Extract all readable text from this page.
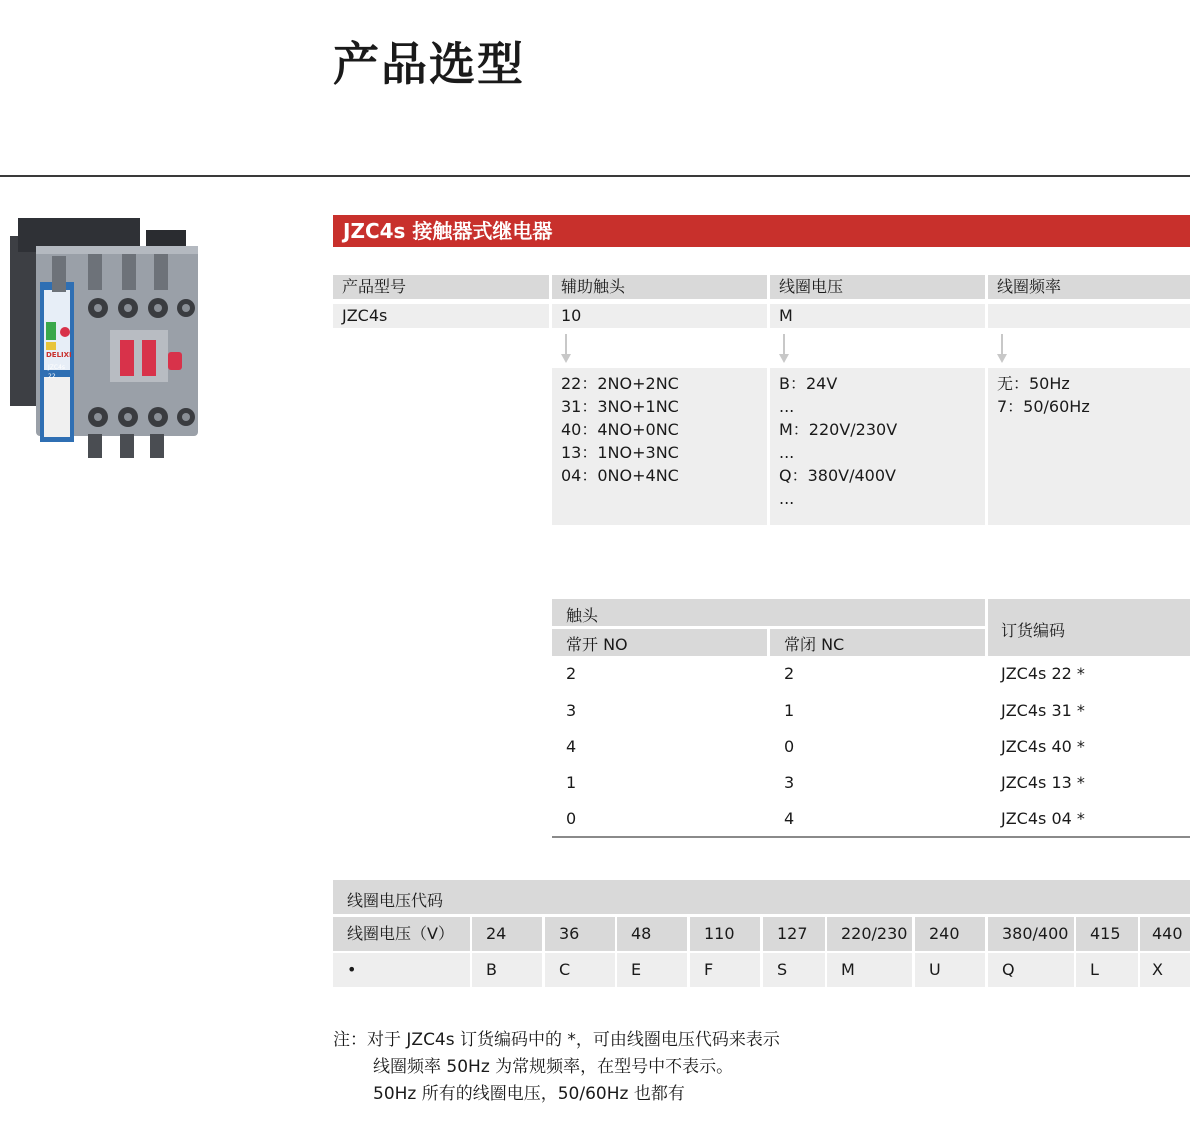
产品选型
DELIXI
JZC4s
22
JZC4s 接触器式继电器
产品型号	辅助触头	线圈电压	线圈频率
JZC4s	10	M
22：2NO+2NC
31：3NO+1NC
40：4NO+0NC
13：1NO+3NC
04：0NO+4NC
B：24V
...
M：220V/230V
...
Q：380V/400V
...
无：50Hz
7：50/60Hz
触头
常开 NO	常闭 NC
订货编码
2	2	JZC4s 22 *
3	1	JZC4s 31 *
4	0	JZC4s 40 *
1	3	JZC4s 13 *
0	4	JZC4s 04 *
线圈电压代码
线圈电压（V）	24	36	48	110	127	220/230	240	380/400	415	440
•	B	C	E	F	S	M	U	Q	L	X
注：对于 JZC4s 订货编码中的 *，可由线圈电压代码来表示
线圈频率 50Hz 为常规频率，在型号中不表示。
50Hz 所有的线圈电压，50/60Hz 也都有
